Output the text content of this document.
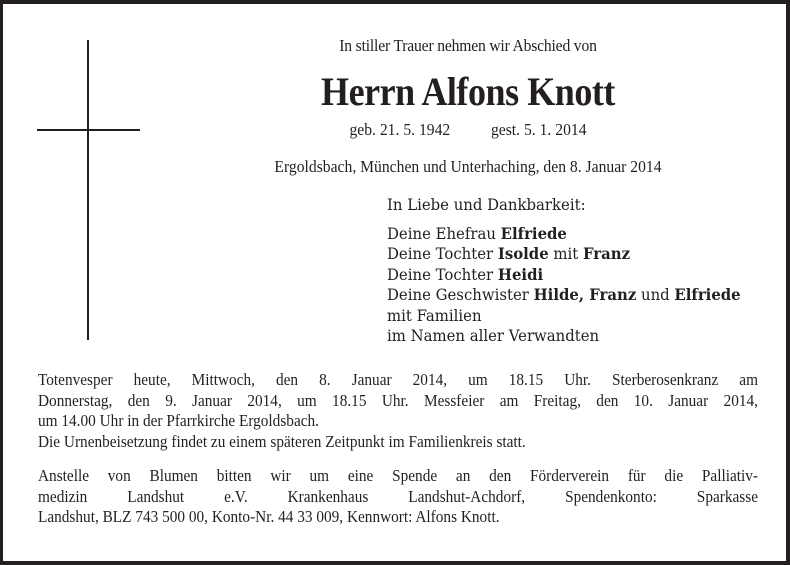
In stiller Trauer nehmen wir Abschied von
Herrn Alfons Knott
geb. 21. 5. 1942 gest. 5. 1. 2014
Ergoldsbach, München und Unterhaching, den 8. Januar 2014
In Liebe und Dankbarkeit:
Deine Ehefrau Elfriede
Deine Tochter Isolde mit Franz
Deine Tochter Heidi
Deine Geschwister Hilde, Franz und Elfriede
mit Familien
im Namen aller Verwandten
Totenvesper heute, Mittwoch, den 8. Januar 2014, um 18.15 Uhr. Sterberosenkranz am
Donnerstag, den 9. Januar 2014, um 18.15 Uhr. Messfeier am Freitag, den 10. Januar 2014,
um 14.00 Uhr in der Pfarrkirche Ergoldsbach.
Die Urnenbeisetzung findet zu einem späteren Zeitpunkt im Familienkreis statt.
Anstelle von Blumen bitten wir um eine Spende an den Förderverein für die Palliativ-
medizin Landshut e.V. Krankenhaus Landshut-Achdorf, Spendenkonto: Sparkasse
Landshut, BLZ 743 500 00, Konto-Nr. 44 33 009, Kennwort: Alfons Knott.
